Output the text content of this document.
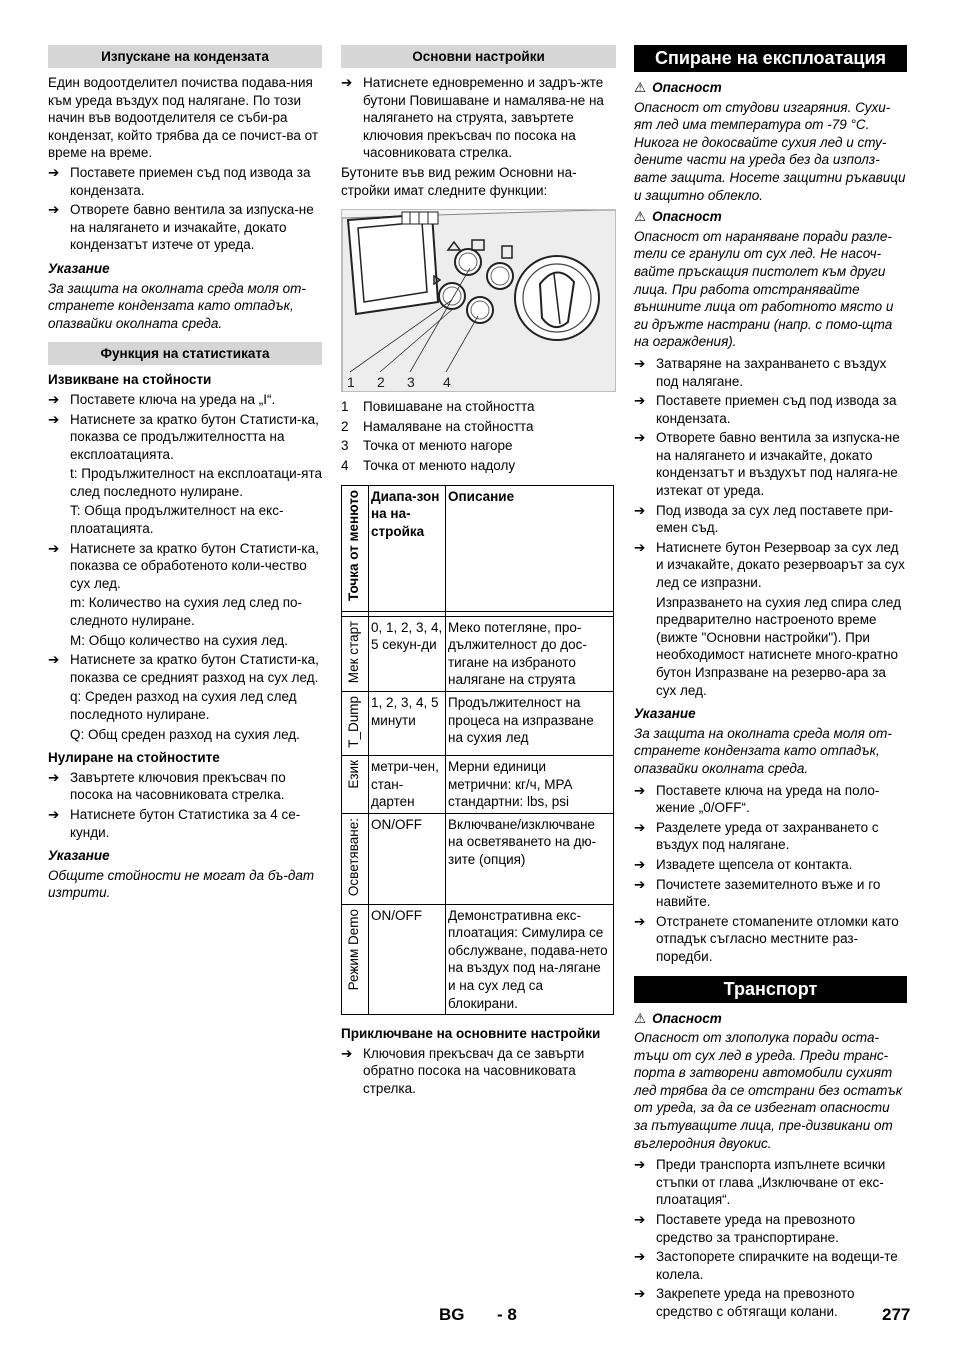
Изпускане на кондензата

Един водоотделител почиства подава-ния към уреда въздух под налягане. По този начин във водоотделителя се съби-ра кондензат, който трябва да се почист-ва от време на време.

➔ Поставете приемен съд под извода за кондензата.
➔ Отворете бавно вентила за изпуска-не на налягането и изчакайте, докато кондензатът изтече от уреда.
Указание
За защита на околната среда моля от-странете кондензата като отпадък, опазвайки околната среда.
Функция на статистиката
Извикване на стойности
➔ Поставете ключа на уреда на „I“.
➔ Натиснете за кратко бутон Статисти-ка, показва се продължителността на експлоатацията.

t: Продължителност на експлоатаци-ята след последното нулиране.

T: Обща продължителност на екс-плоатацията.

➔ Натиснете за кратко бутон Статисти-ка, показва се обработеното коли-чество сух лед.

m: Количество на сухия лед след по-следното нулиране.

M: Общо количество на сухия лед.

➔ Натиснете за кратко бутон Статисти-ка, показва се средният разход на сух лед.

q: Среден разход на сухия лед след последното нулиране.

Q: Общ среден разход на сухия лед.

Нулиране на стойностите
➔ Завъртете ключовия прекъсвач по посока на часовниковата стрелка.
➔ Натиснете бутон Статистика за 4 се-кунди.
Указание
Общите стойности не могат да бъ-дат изтрити.
Основни настройки
➔ Натиснете едновременно и задръ-жте бутони Повишаване и намалява-не на налягането на струята, завъртете ключовия прекъсвач по посока на часовниковата стрелка.

Бутоните във вид режим Основни на-стройки имат следните функции:

1 2 3 4
1 Повишаване на стойността
2 Намаляване на стойността
3 Точка от менюто нагоре
4 Точка от менюто надолу
Точка от менюто	Диапа-зон на на-стройка	Описание

Мек старт	0, 1, 2, 3, 4, 5 секун-ди	Меко потегляне, про-дължителност до дос-тигане на избраното налягане на струята

T_Dump	1, 2, 3, 4, 5 минути	Продължителност на процеса на изпразване на сухия лед

Език	метри-чен, стан-дартен	Мерни единици метрични: кг/ч, MPA стандартни: lbs, psi

Осветяване:	ON/OFF	Включване/изключване на осветяването на дю-зите (опция)

Режим Demo	ON/OFF	Демонстративна екс-плоатация: Симулира се обслужване, подава-нето на въздух под на-лягане и на сух лед са блокирани.
Приключване на основните настройки
➔ Ключовия прекъсвач да се завърти обратно посока на часовниковата стрелка.
Спиране на експлоатация
⚠ Опасност
Опасност от студови изгаряния. Сухи-ят лед има температура от -79 °C. Никога не докосвайте сухия лед и сту-дените части на уреда без да използ-вате защита. Носете защитни ръкавици и защитно облекло.
⚠ Опасност
Опасност от нараняване поради разле-тели се гранули от сух лед. Не насоч-вайте пръскащия пистолет към други лица. При работа отстранявайте външните лица от работното място и ги дръжте настрани (напр. с помо-щта на ограждения).
➔ Затваряне на захранването с въздух под налягане.
➔ Поставете приемен съд под извода за кондензата.
➔ Отворете бавно вентила за изпуска-не на налягането и изчакайте, докато кондензатът и въздухът под наляга-не изтекат от уреда.
➔ Под извода за сух лед поставете при-емен съд.
➔ Натиснете бутон Резервоар за сух лед и изчакайте, докато резервоарът за сух лед се изпразни.

Изпразването на сухия лед спира след предварително настроеното време (вижте "Основни настройки"). При необходимост натиснете много-кратно бутон Изпразване на резерво-ара за сух лед.

Указание
За защита на околната среда моля от-странете кондензата като отпадък, опазвайки околната среда.
➔ Поставете ключа на уреда на поло-жение „0/OFF“.
➔ Разделете уреда от захранването с въздух под налягане.
➔ Извадете щепсела от контакта.
➔ Почистете заземителното въже и го навийте.
➔ Отстранете стомanените отломки като отпадък съгласно местните раз-поредби.
Транспорт
⚠ Опасност
Опасност от злополука поради оста-тъци от сух лед в уреда. Преди транс-порта в затворени автомобили сухият лед трябва да се отстрани без остатък от уреда, за да се избегнат опасности за пътуващите лица, пре-дизвикани от въглеродния двуокис.
➔ Преди транспорта изпълнете всички стъпки от глава „Изключване от екс-плоатация“.
➔ Поставете уреда на превозното средство за транспортиране.
➔ Застопорете спирачките на водещи-те колела.
➔ Закрепете уреда на превозното средство с обтягащи колани.
BG - 8	277
